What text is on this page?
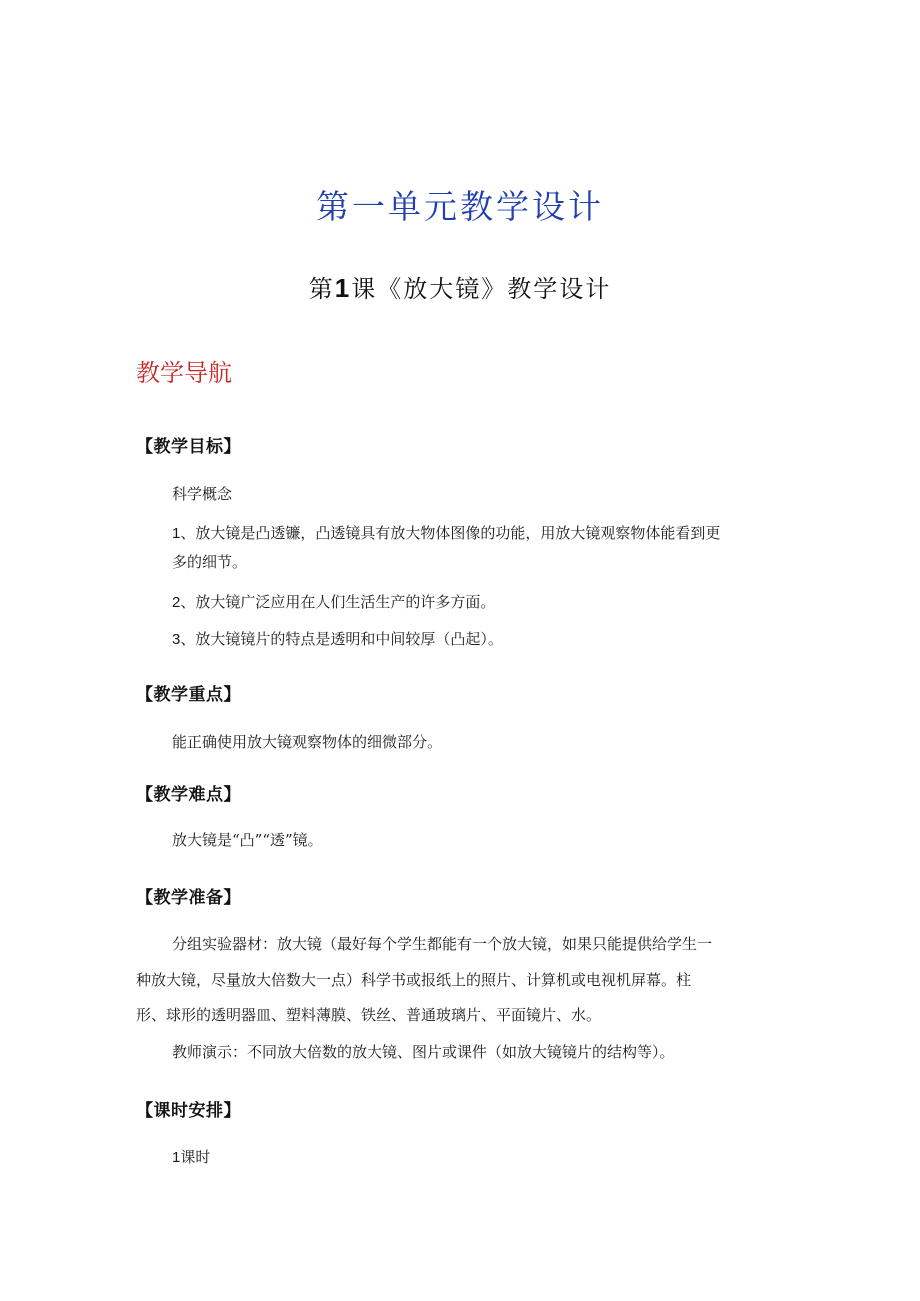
第一单元教学设计
第1课《放大镜》教学设计
教学导航
【教学目标】
科学概念
1、放大镜是凸透镰，凸透镜具有放大物体图像的功能，用放大镜观察物体能看到更
多的细节。
2、放大镜广泛应用在人们生活生产的许多方面。
3、放大镜镜片的特点是透明和中间较厚（凸起）。
【教学重点】
能正确使用放大镜观察物体的细微部分。
【教学难点】
放大镜是“凸”“透”镜。
【教学准备】
分组实验器材：放大镜（最好每个学生都能有一个放大镜，如果只能提供给学生一
种放大镜，尽量放大倍数大一点）科学书或报纸上的照片、计算机或电视机屏幕。柱
形、球形的透明器皿、塑料薄膜、铁丝、普通玻璃片、平面镜片、水。
教师演示：不同放大倍数的放大镜、图片或课件（如放大镜镜片的结构等）。
【课时安排】
1课时
